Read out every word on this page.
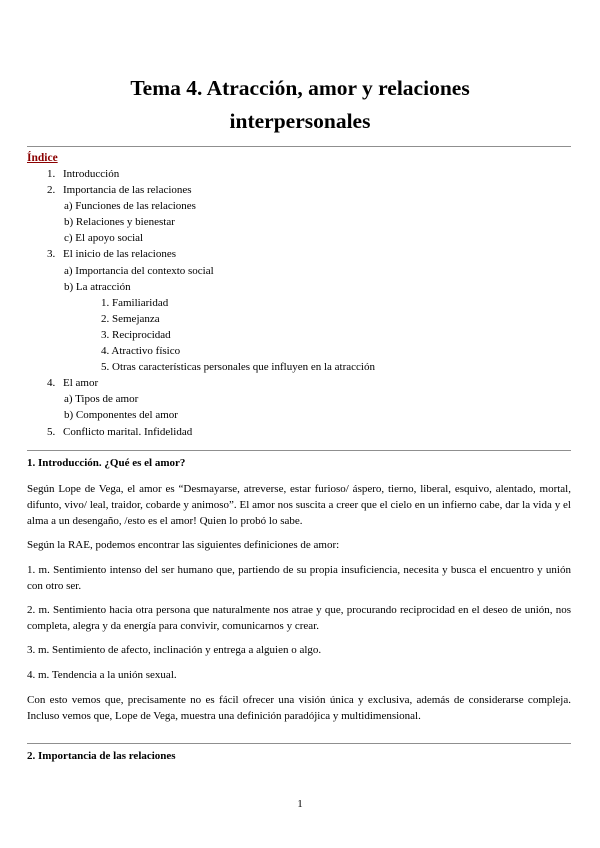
Tema 4. Atracción, amor y relaciones
interpersonales
Índice
1. Introducción
2. Importancia de las relaciones
a) Funciones de las relaciones
b) Relaciones y bienestar
c) El apoyo social
3. El inicio de las relaciones
a) Importancia del contexto social
b) La atracción
1. Familiaridad
2. Semejanza
3. Reciprocidad
4. Atractivo físico
5. Otras características personales que influyen en la atracción
4. El amor
a) Tipos de amor
b) Componentes del amor
5. Conflicto marital. Infidelidad
1. Introducción. ¿Qué es el amor?

Según Lope de Vega, el amor es “Desmayarse, atreverse, estar furioso/ áspero, tierno, liberal, esquivo, alentado, mortal, difunto, vivo/ leal, traidor, cobarde y animoso”. El amor nos suscita a creer que el cielo en un infierno cabe, dar la vida y el alma a un desengaño, /esto es el amor! Quien lo probó lo sabe.

Según la RAE, podemos encontrar las siguientes definiciones de amor:

1. m. Sentimiento intenso del ser humano que, partiendo de su propia insuficiencia, necesita y busca el encuentro y unión con otro ser.

2. m. Sentimiento hacia otra persona que naturalmente nos atrae y que, procurando reciprocidad en el deseo de unión, nos completa, alegra y da energía para convivir, comunicarnos y crear.

3. m. Sentimiento de afecto, inclinación y entrega a alguien o algo.

4. m. Tendencia a la unión sexual.

Con esto vemos que, precisamente no es fácil ofrecer una visión única y exclusiva, además de considerarse compleja. Incluso vemos que, Lope de Vega, muestra una definición paradójica y multidimensional.

2. Importancia de las relaciones
1
